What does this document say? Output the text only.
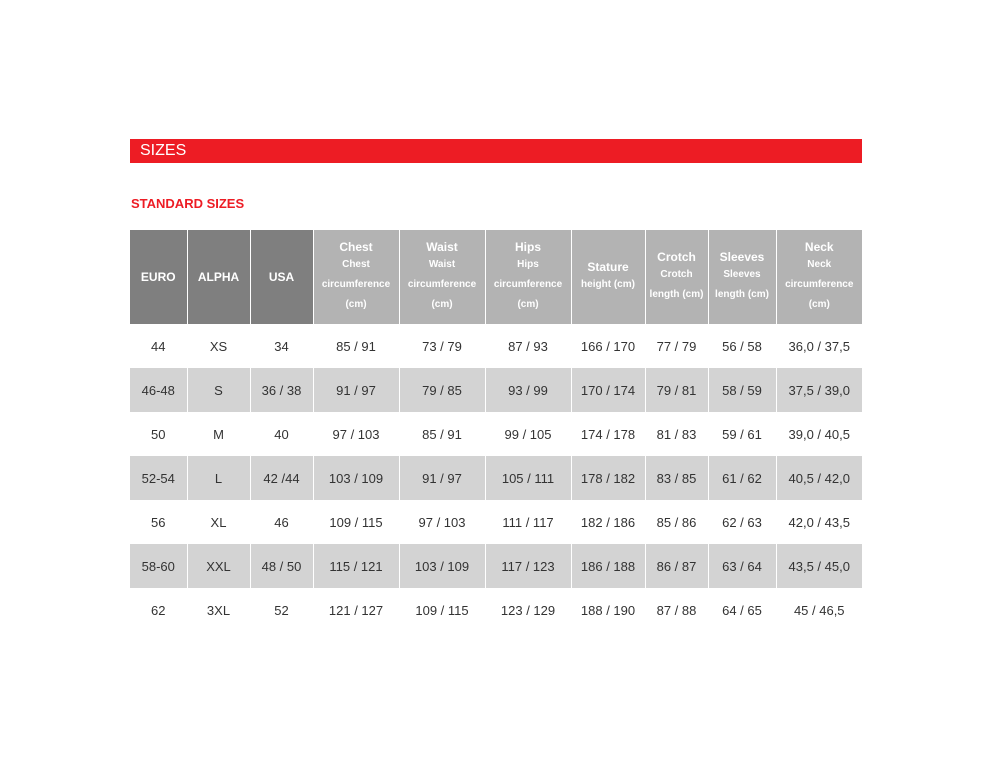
SIZES
STANDARD SIZES
EURO	ALPHA	USA	Chest
Chest
circumference
(cm)	Waist
Waist
circumference
(cm)	Hips
Hips
circumference
(cm)	Stature
height (cm)	Crotch
Crotch
length (cm)	Sleeves
Sleeves
length (cm)	Neck
Neck
circumference
(cm)

44	XS	34	85 / 91	73 / 79	87 / 93	166 / 170	77 / 79	56 / 58	36,0 / 37,5
46-48	S	36 / 38	91 / 97	79 / 85	93 / 99	170 / 174	79 / 81	58 / 59	37,5 / 39,0
50	M	40	97 / 103	85 / 91	99 / 105	174 / 178	81 / 83	59 / 61	39,0 / 40,5
52-54	L	42 /44	103 / 109	91 / 97	105 / 111	178 / 182	83 / 85	61 / 62	40,5 / 42,0
56	XL	46	109 / 115	97 / 103	111 / 117	182 / 186	85 / 86	62 / 63	42,0 / 43,5
58-60	XXL	48 / 50	115 / 121	103 / 109	117 / 123	186 / 188	86 / 87	63 / 64	43,5 / 45,0
62	3XL	52	121 / 127	109 / 115	123 / 129	188 / 190	87 / 88	64 / 65	45 / 46,5
